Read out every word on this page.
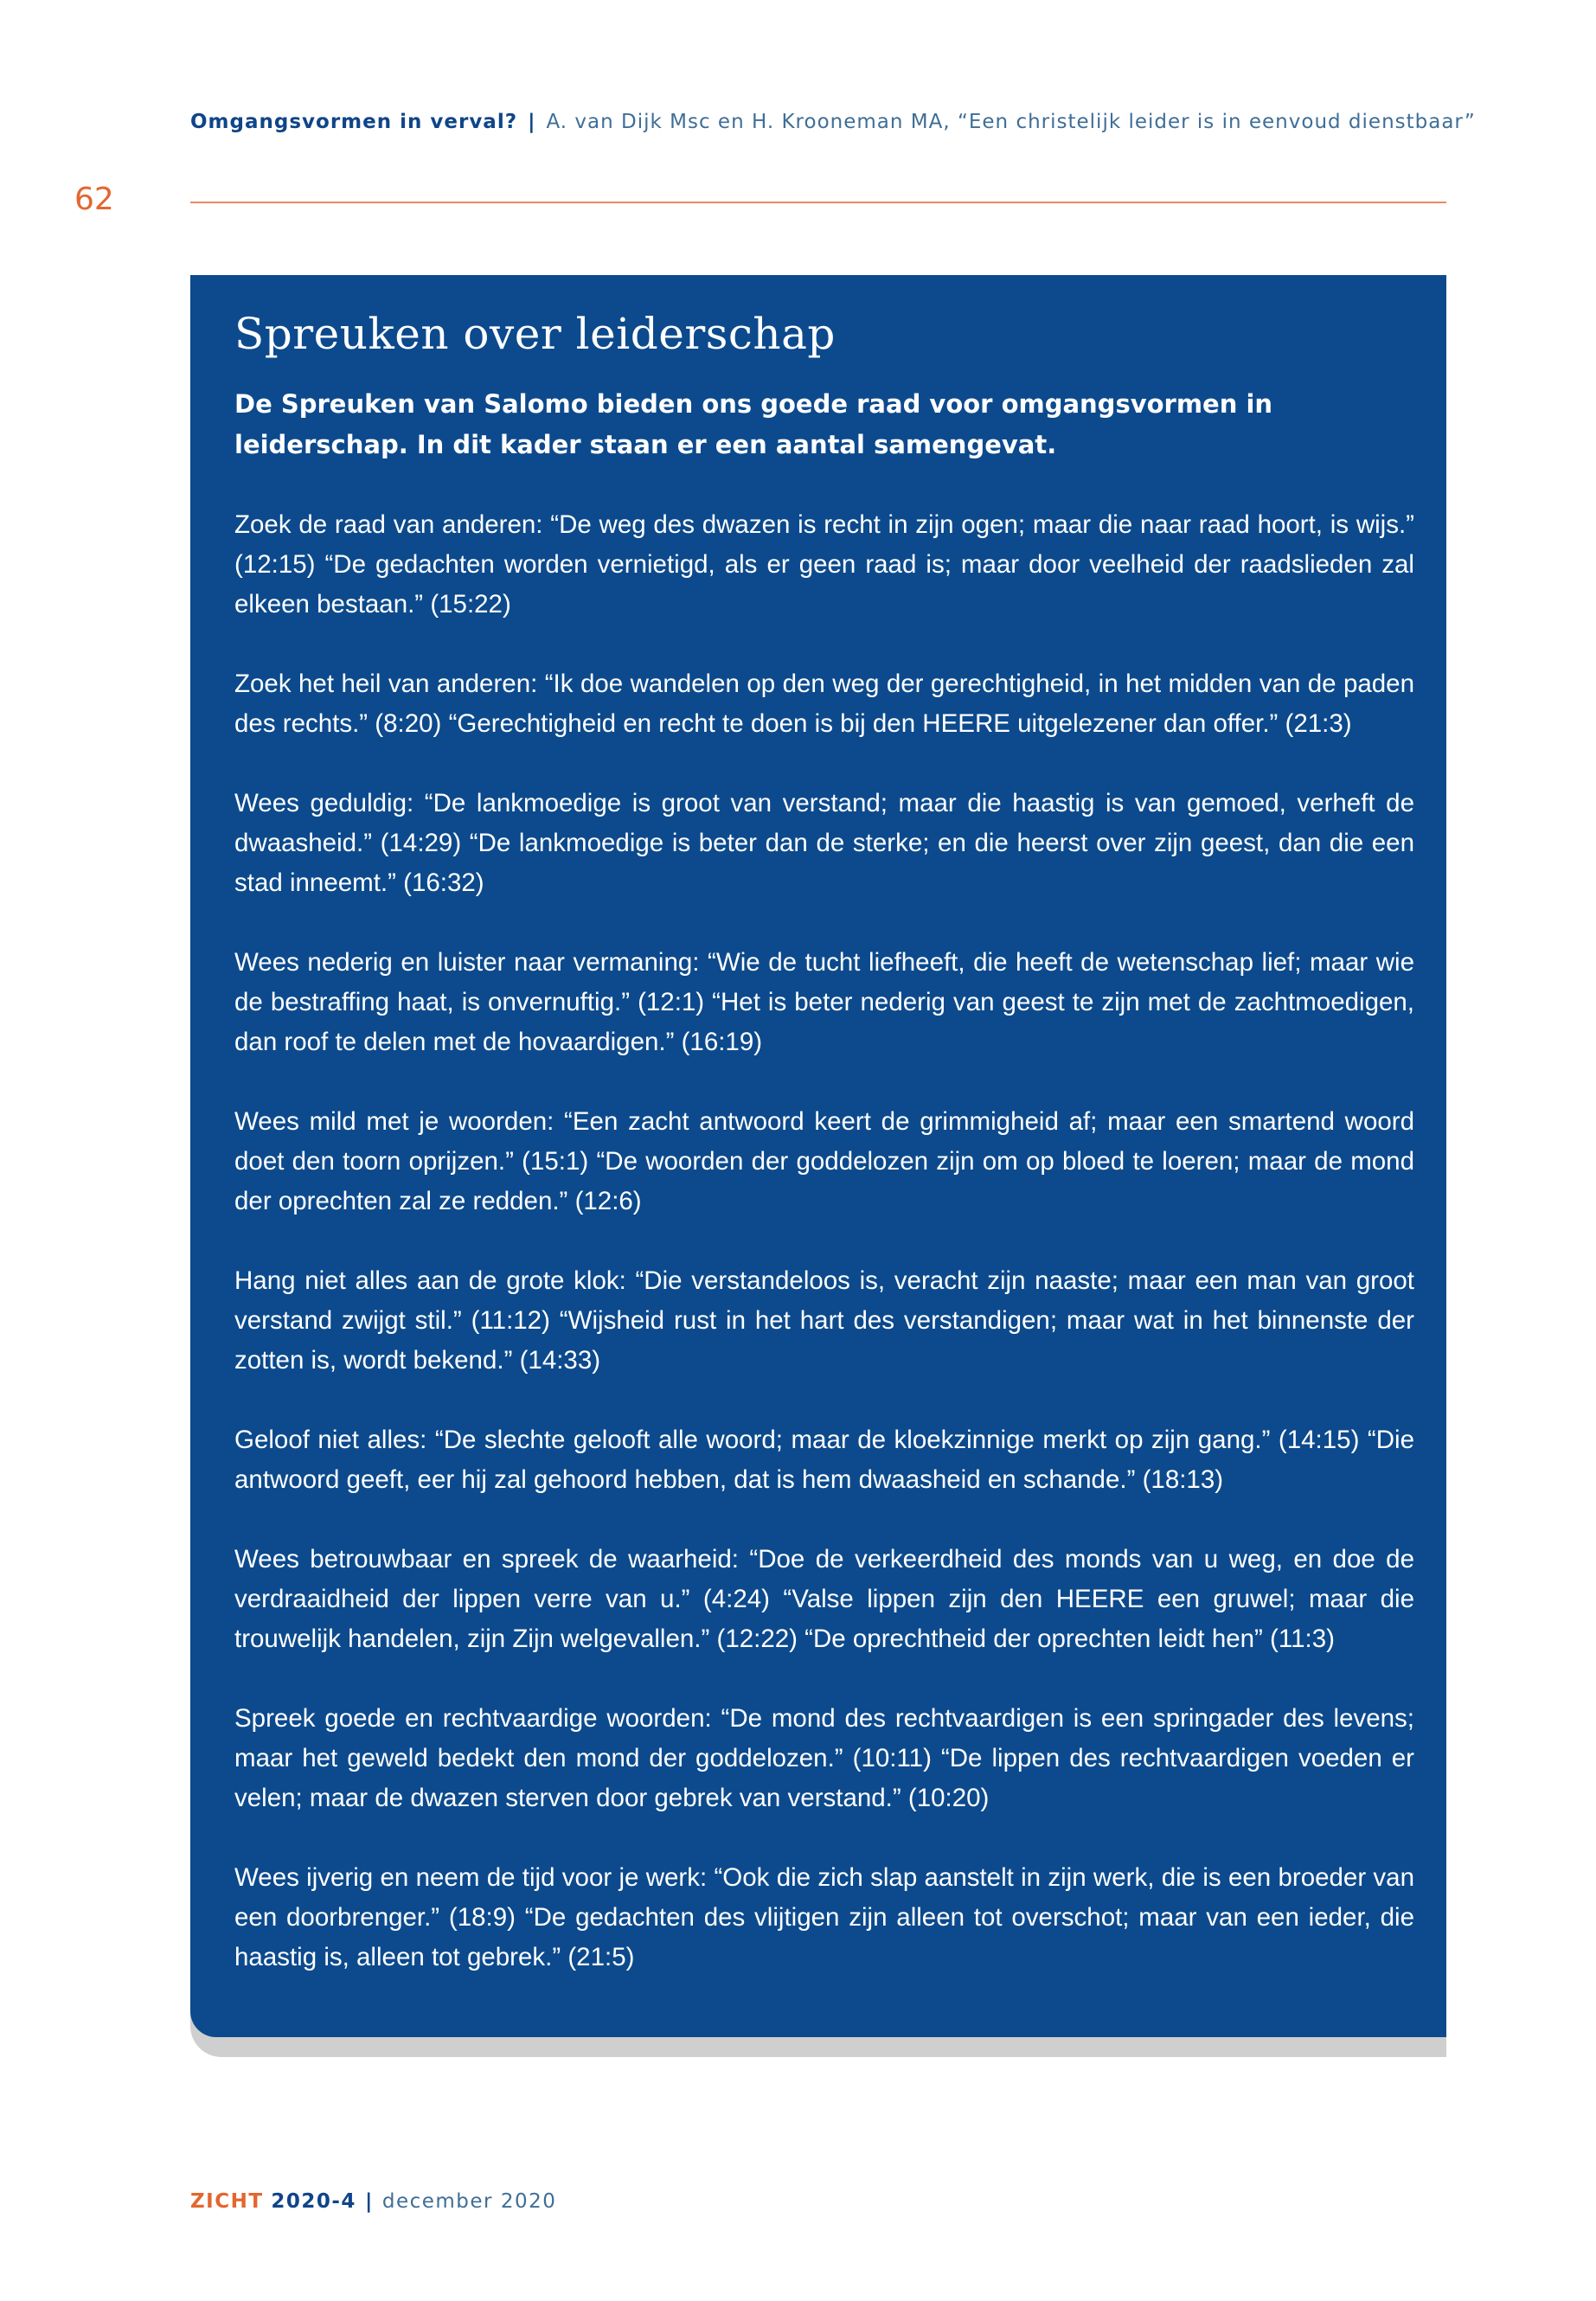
Omgangsvormen in verval? | A. van Dijk Msc en H. Krooneman MA, “Een christelijk leider is in eenvoud dienstbaar”
62
Spreuken over leiderschap

De Spreuken van Salomo bieden ons goede raad voor omgangsvormen in leiderschap. In dit kader staan er een aantal samengevat.

Zoek de raad van anderen: “De weg des dwazen is recht in zijn ogen; maar die naar raad hoort, is wijs.” (12:15) “De gedachten worden vernietigd, als er geen raad is; maar door veelheid der raadslieden zal elkeen bestaan.” (15:22)

Zoek het heil van anderen: “Ik doe wandelen op den weg der gerechtigheid, in het midden van de paden des rechts.” (8:20) “Gerechtigheid en recht te doen is bij den HEERE uitgelezener dan offer.” (21:3)

Wees geduldig: “De lankmoedige is groot van verstand; maar die haastig is van gemoed, verheft de dwaasheid.” (14:29) “De lankmoedige is beter dan de sterke; en die heerst over zijn geest, dan die een stad inneemt.” (16:32)

Wees nederig en luister naar vermaning: “Wie de tucht liefheeft, die heeft de wetenschap lief; maar wie de bestraffing haat, is onvernuftig.” (12:1) “Het is beter nederig van geest te zijn met de zachtmoedigen, dan roof te delen met de hovaardigen.” (16:19)

Wees mild met je woorden: “Een zacht antwoord keert de grimmigheid af; maar een smartend woord doet den toorn oprijzen.” (15:1) “De woorden der goddelozen zijn om op bloed te loeren; maar de mond der oprechten zal ze redden.” (12:6)

Hang niet alles aan de grote klok: “Die verstandeloos is, veracht zijn naaste; maar een man van groot verstand zwijgt stil.” (11:12) “Wijsheid rust in het hart des verstandigen; maar wat in het binnenste der zotten is, wordt bekend.” (14:33)

Geloof niet alles: “De slechte gelooft alle woord; maar de kloekzinnige merkt op zijn gang.” (14:15) “Die antwoord geeft, eer hij zal gehoord hebben, dat is hem dwaasheid en schande.” (18:13)

Wees betrouwbaar en spreek de waarheid: “Doe de verkeerdheid des monds van u weg, en doe de verdraaidheid der lippen verre van u.” (4:24) “Valse lippen zijn den HEERE een gruwel; maar die trouwelijk handelen, zijn Zijn welgevallen.” (12:22) “De oprechtheid der oprechten leidt hen” (11:3)

Spreek goede en rechtvaardige woorden: “De mond des rechtvaardigen is een springader des levens; maar het geweld bedekt den mond der goddelozen.” (10:11) “De lippen des rechtvaardigen voeden er velen; maar de dwazen sterven door gebrek van verstand.” (10:20)

Wees ijverig en neem de tijd voor je werk: “Ook die zich slap aanstelt in zijn werk, die is een broeder van een doorbrenger.” (18:9) “De gedachten des vlijtigen zijn alleen tot overschot; maar van een ieder, die haastig is, alleen tot gebrek.” (21:5)

ZICHT 2020-4 | december 2020
